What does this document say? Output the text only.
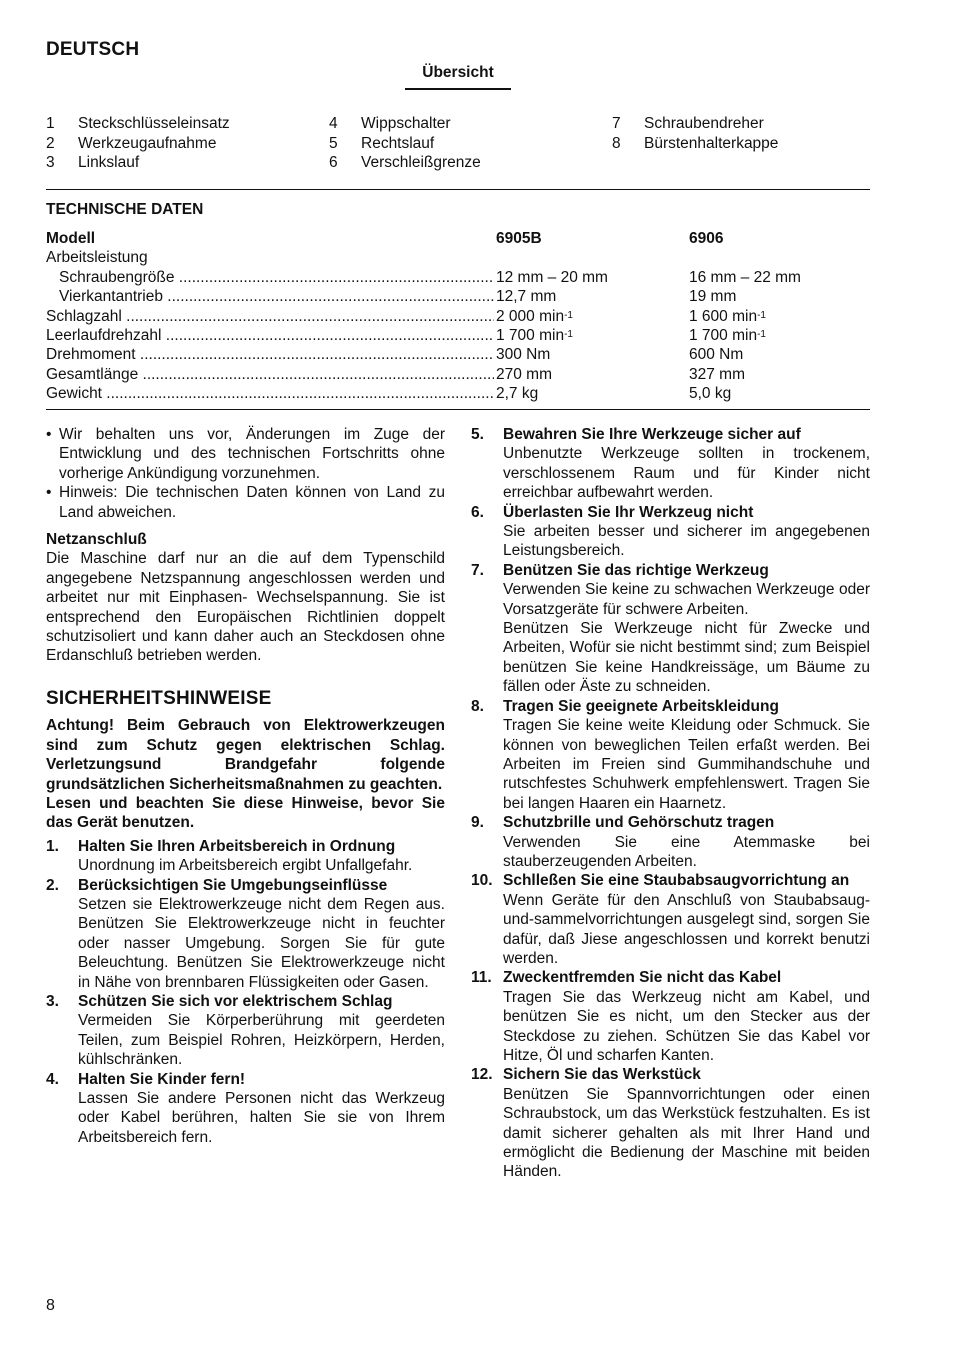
DEUTSCH
Übersicht
1	Steckschlüsseleinsatz
2	Werkzeugaufnahme
3	Linkslauf
4	Wippschalter
5	Rechtslauf
6	Verschleißgrenze
7	Schraubendreher
8	Bürstenhalterkappe
TECHNISCHE DATEN
Modell	6905B	6906
Arbeitsleistung
Schraubengröße .....	12 mm – 20 mm	16 mm – 22 mm
Vierkantantrieb .....	12,7 mm	19 mm
Schlagzahl .....	2 000 $\min^{-1}$	1 600 $\min^{-1}$
Leerlaufdrehzahl .....	1 700 $\min^{-1}$	1 700 $\min^{-1}$
Drehmoment .....	300 Nm	600 Nm
Gesamtlänge .....	270 mm	327 mm
Gewicht .....	2,7 kg	5,0 kg
• Wir behalten uns vor, Änderungen im Zuge der Entwicklung und des technischen Fortschritts ohne vorherige Ankündigung vorzunehmen.
• Hinweis: Die technischen Daten können von Land zu Land abweichen.

Netzanschluß

Die Maschine darf nur an die auf dem Typenschild angegebene Netzspannung angeschlossen werden und arbeitet nur mit Einphasen- Wechselspannung. Sie ist entsprechend den Europäischen Richtlinien doppelt schutzisoliert und kann daher auch an Steckdosen ohne Erdanschluß betrieben werden.

SICHERHEITSHINWEISE

Achtung! Beim Gebrauch von Elektrowerkzeugen sind zum Schutz gegen elektrischen Schlag. Verletzungsund Brandgefahr folgende grundsätzlichen Sicherheitsmaßnahmen zu geachten.

Lesen und beachten Sie diese Hinweise, bevor Sie das Gerät benutzen.

1.	Halten Sie Ihren Arbeitsbereich in Ordnung
Unordnung im Arbeitsbereich ergibt Unfallgefahr.
2.	Berücksichtigen Sie Umgebungseinflüsse
Setzen sie Elektrowerkzeuge nicht dem Regen aus. Benützen Sie Elektrowerkzeuge nicht in feuchter oder nasser Umgebung. Sorgen Sie für gute Beleuchtung. Benützen Sie Elektrowerkzeuge nicht in Nähe von brennbaren Flüssigkeiten oder Gasen.
3.	Schützen Sie sich vor elektrischem Schlag
Vermeiden Sie Körperberührung mit geerdeten Teilen, zum Beispiel Rohren, Heizkörpern, Herden, kühlschränken.
4.	Halten Sie Kinder fern!
Lassen Sie andere Personen nicht das Werkzeug oder Kabel berühren, halten Sie sie von Ihrem Arbeitsbereich fern.
5.	Bewahren Sie Ihre Werkzeuge sicher auf
Unbenutzte Werkzeuge sollten in trockenem, verschlossenem Raum und für Kinder nicht erreichbar aufbewahrt werden.
6.	Überlasten Sie Ihr Werkzeug nicht
Sie arbeiten besser und sicherer im angegebenen Leistungsbereich.
7.	Benützen Sie das richtige Werkzeug
Verwenden Sie keine zu schwachen Werkzeuge oder Vorsatzgeräte für schwere Arbeiten.
Benützen Sie Werkzeuge nicht für Zwecke und Arbeiten, Wofür sie nicht bestimmt sind; zum Beispiel benützen Sie keine Handkreissäge, um Bäume zu fällen oder Äste zu schneiden.
8.	Tragen Sie geeignete Arbeitskleidung
Tragen Sie keine weite Kleidung oder Schmuck. Sie können von beweglichen Teilen erfaßt werden. Bei Arbeiten im Freien sind Gummihandschuhe und rutschfestes Schuhwerk empfehlenswert. Tragen Sie bei langen Haaren ein Haarnetz.
9.	Schutzbrille und Gehörschutz tragen
Verwenden Sie eine Atemmaske bei stauberzeugenden Arbeiten.
10. Schlleßen Sie eine Staubabsaugvorrichtung an
Wenn Geräte für den Anschluß von Staubabsaug-und-sammelvorrichtungen ausgelegt sind, sorgen Sie dafür, daß Jiese angeschlossen und korrekt benutzi werden.
11. Zweckentfremden Sie nicht das Kabel
Tragen Sie das Werkzeug nicht am Kabel, und benützen Sie es nicht, um den Stecker aus der Steckdose zu ziehen. Schützen Sie das Kabel vor Hitze, Öl und scharfen Kanten.
12. Sichern Sie das Werkstück
Benützen Sie Spannvorrichtungen oder einen Schraubstock, um das Werkstück festzuhalten. Es ist damit sicherer gehalten als mit Ihrer Hand und ermöglicht die Bedienung der Maschine mit beiden Händen.
8
